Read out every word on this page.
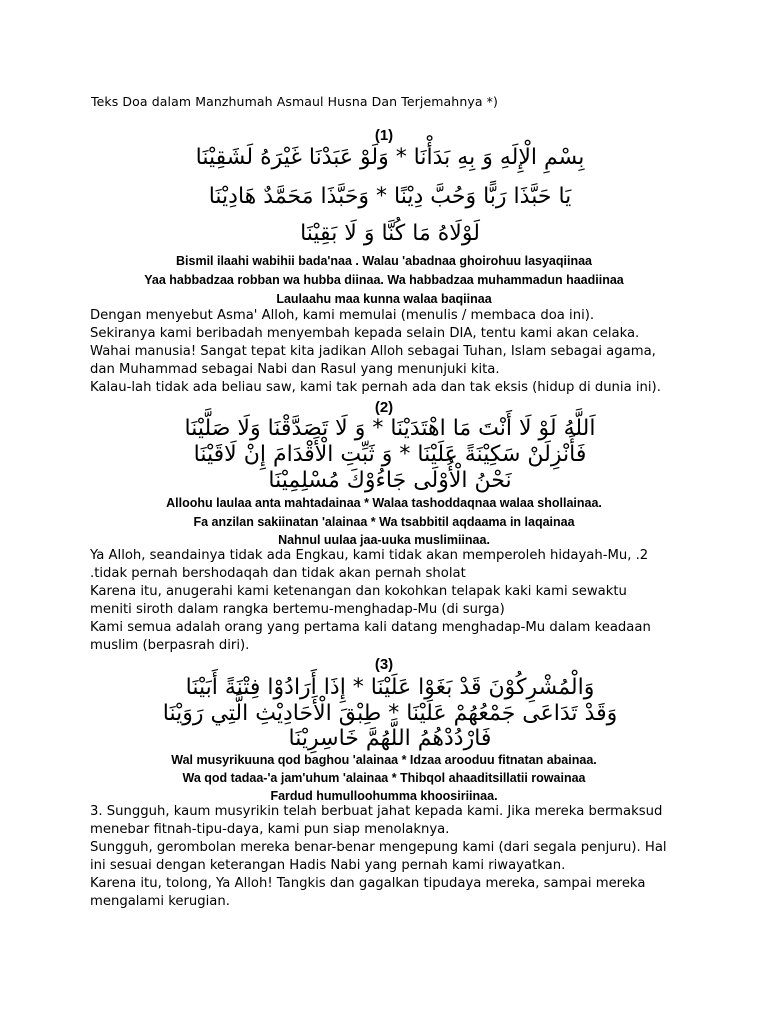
Teks Doa dalam Manzhumah Asmaul Husna Dan Terjemahnya *)
(1)
بِسْمِ الْإِلَهِ وَ بِهِ بَدَأْنَا * وَلَوْ عَبَدْنَا غَيْرَهُ لَشَقِيْنَا
يَا حَبَّذَا رَبًّا وَحُبَّ دِيْنًا * وَحَبَّذَا مَحَمَّدٌ هَادِيْنَا
لَوْلَاهُ مَا كُنَّا وَ لَا بَقِيْنَا
Bismil ilaahi wabihii bada'naa . Walau 'abadnaa ghoirohuu lasyaqiinaa
Yaa habbadzaa robban wa hubba diinaa. Wa habbadzaa muhammadun haadiinaa
Laulaahu maa kunna walaa baqiinaa
Dengan menyebut Asma' Alloh, kami memulai (menulis / membaca doa ini).
Sekiranya kami beribadah menyembah kepada selain DIA, tentu kami akan celaka.
Wahai manusia! Sangat tepat kita jadikan Alloh sebagai Tuhan, Islam sebagai agama,
dan Muhammad sebagai Nabi dan Rasul yang menunjuki kita.
Kalau-lah tidak ada beliau saw, kami tak pernah ada dan tak eksis (hidup di dunia ini).
(2)
اَللَّهُ لَوْ لَا أَنْتَ مَا اهْتَدَيْنَا * وَ لَا تَصَدَّقْنَا وَلَا صَلَّيْنَا
فَأَنْزِلَنْ سَكِيْنَةً عَلَيْنَا * وَ ثَبِّتِ الْأَقْدَامَ إِنْ لَاقَيْنَا
نَحْنُ الْأُوْلَى جَاءُوْكَ مُسْلِمِيْنَا
Alloohu laulaa anta mahtadainaa * Walaa tashoddaqnaa walaa shollainaa.
Fa anzilan sakiinatan 'alainaa * Wa tsabbitil aqdaama in laqainaa
Nahnul uulaa jaa-uuka muslimiinaa.
Ya Alloh, seandainya tidak ada Engkau, kami tidak akan memperoleh hidayah-Mu, .2
.tidak pernah bershodaqah dan tidak akan pernah sholat
Karena itu, anugerahi kami ketenangan dan kokohkan telapak kaki kami sewaktu
meniti siroth dalam rangka bertemu-menghadap-Mu (di surga)
Kami semua adalah orang yang pertama kali datang menghadap-Mu dalam keadaan
muslim (berpasrah diri).
(3)
وَالْمُشْرِكُوْنَ قَدْ بَغَوْا عَلَيْنَا * إِذَا أَرَادُوْا فِتْنَةً أَبَيْنَا
وَقَدْ تَدَاعَى جَمْعُهُمْ عَلَيْنَا * طِبْقَ الْأَحَادِيْثِ الَّتِي رَوَيْنَا
فَارْدُدْهُمُ اللَّهُمَّ خَاسِرِيْنَا
Wal musyrikuuna qod baghou 'alainaa * Idzaa arooduu fitnatan abainaa.
Wa qod tadaa-'a jam'uhum 'alainaa * Thibqol ahaaditsillatii rowainaa
Fardud humulloohumma khoosiriinaa.
3. Sungguh, kaum musyrikin telah berbuat jahat kepada kami. Jika mereka bermaksud
menebar fitnah-tipu-daya, kami pun siap menolaknya.
Sungguh, gerombolan mereka benar-benar mengepung kami (dari segala penjuru). Hal
ini sesuai dengan keterangan Hadis Nabi yang pernah kami riwayatkan.
Karena itu, tolong, Ya Alloh! Tangkis dan gagalkan tipudaya mereka, sampai mereka
mengalami kerugian.
